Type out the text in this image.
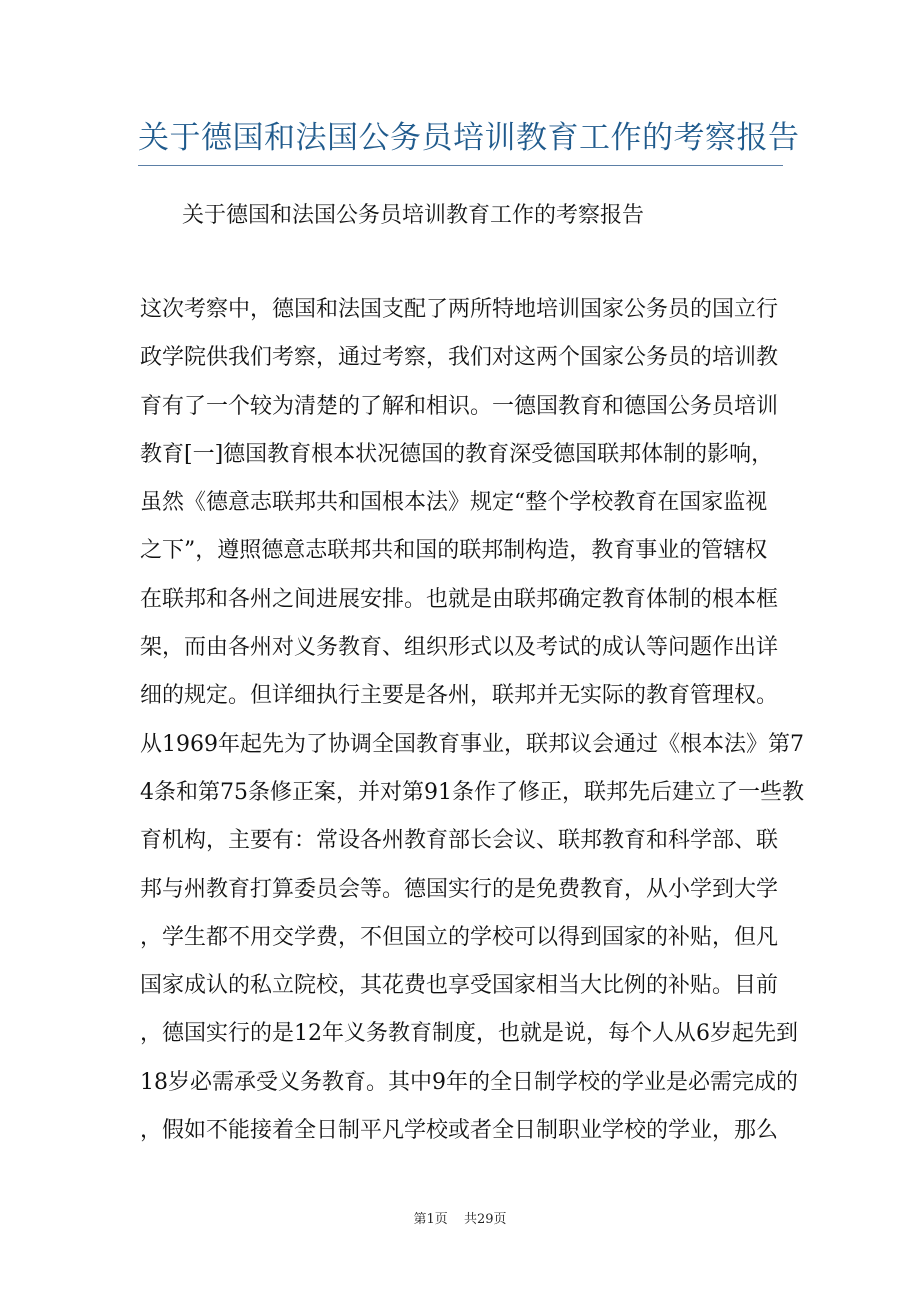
关于德国和法国公务员培训教育工作的考察报告
关于德国和法国公务员培训教育工作的考察报告
这次考察中，德国和法国支配了两所特地培训国家公务员的国立行
政学院供我们考察，通过考察，我们对这两个国家公务员的培训教
育有了一个较为清楚的了解和相识。一德国教育和德国公务员培训
教育[一]德国教育根本状况德国的教育深受德国联邦体制的影响，
虽然《德意志联邦共和国根本法》规定“整个学校教育在国家监视
之下”，遵照德意志联邦共和国的联邦制构造，教育事业的管辖权
在联邦和各州之间进展安排。也就是由联邦确定教育体制的根本框
架，而由各州对义务教育、组织形式以及考试的成认等问题作出详
细的规定。但详细执行主要是各州，联邦并无实际的教育管理权。
从1969年起先为了协调全国教育事业，联邦议会通过《根本法》第7
4条和第75条修正案，并对第91条作了修正，联邦先后建立了一些教
育机构，主要有：常设各州教育部长会议、联邦教育和科学部、联
邦与州教育打算委员会等。德国实行的是免费教育，从小学到大学
，学生都不用交学费，不但国立的学校可以得到国家的补贴，但凡
国家成认的私立院校，其花费也享受国家相当大比例的补贴。目前
，德国实行的是12年义务教育制度，也就是说，每个人从6岁起先到
18岁必需承受义务教育。其中9年的全日制学校的学业是必需完成的
，假如不能接着全日制平凡学校或者全日制职业学校的学业，那么
第1页 共29页
